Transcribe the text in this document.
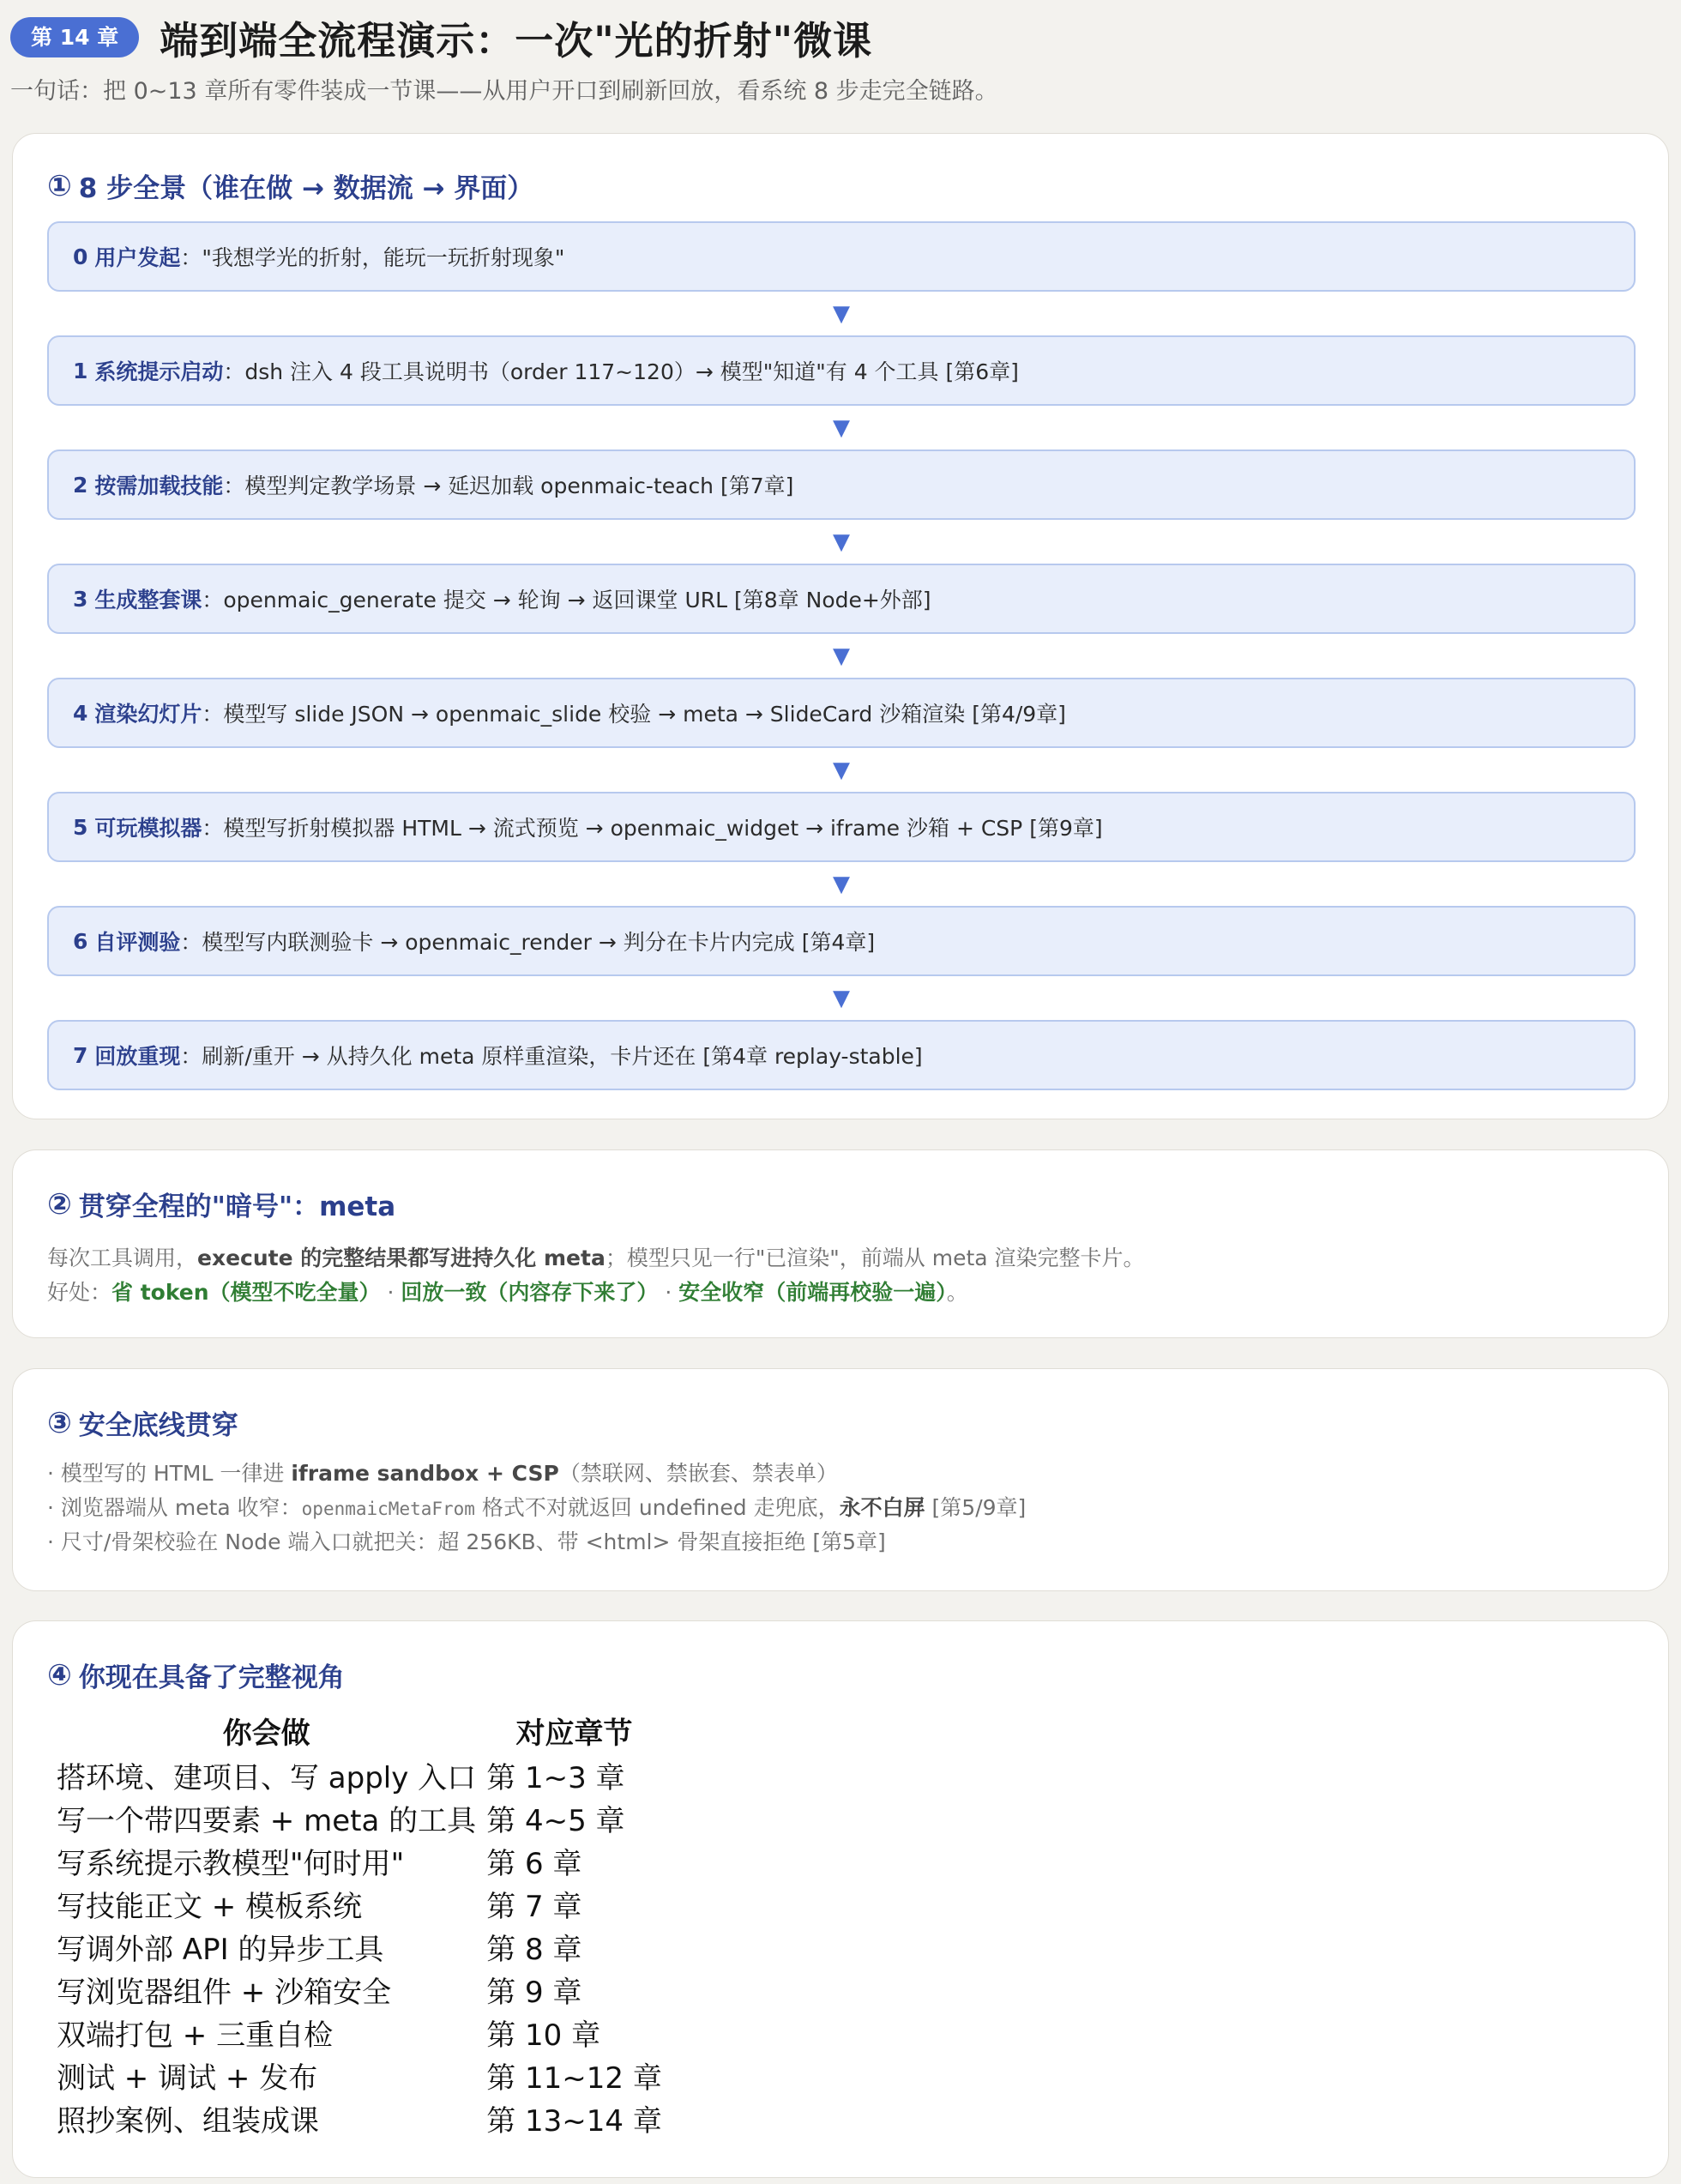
第 14 章	端到端全流程演示：一次"光的折射"微课
一句话：把 0~13 章所有零件装成一节课——从用户开口到刷新回放，看系统 8 步走完全链路。
① 8 步全景（谁在做 → 数据流 → 界面）
0
用户发起 ："我想学光的折射，能玩一玩折射现象"
▼
1
系统提示启动 ：dsh 注入 4 段工具说明书（order 117~120）→ 模型"知道"有 4 个工具 [第6章]
▼
2
按需加载技能 ：模型判定教学场景 → 延迟加载 openmaic-teach [第7章]
▼
3
生成整套课 ：openmaic_generate 提交 → 轮询 → 返回课堂 URL [第8章 Node+外部]
▼
4
渲染幻灯片 ：模型写 slide JSON → openmaic_slide 校验 → meta → SlideCard 沙箱渲染 [第4/9章]
▼
5
可玩模拟器 ：模型写折射模拟器 HTML → 流式预览 → openmaic_widget → iframe 沙箱 + CSP [第9章]
▼
6
自评测验 ：模型写内联测验卡 → openmaic_render → 判分在卡片内完成 [第4章]
▼
7
回放重现 ：刷新/重开 → 从持久化 meta 原样重渲染，卡片还在 [第4章 replay-stable]
② 贯穿全程的"暗号"：meta
每次工具调用，execute 的完整结果都写进持久化 meta；模型只见一行"已渲染"，前端从 meta 渲染完整卡片。
好处：省 token（模型不吃全量） · 回放一致（内容存下来了） · 安全收窄（前端再校验一遍）。
③ 安全底线贯穿
· 模型写的 HTML 一律进 iframe sandbox + CSP（禁联网、禁嵌套、禁表单）
· 浏览器端从 meta 收窄：openmaicMetaFrom 格式不对就返回 undefined 走兜底，永不白屏 [第5/9章]
· 尺寸/骨架校验在 Node 端入口就把关：超 256KB、带 <html> 骨架直接拒绝 [第5章]
④ 你现在具备了完整视角
你会做	对应章节
搭环境、建项目、写 apply 入口	第 1~3 章
写一个带四要素 + meta 的工具	第 4~5 章
写系统提示教模型"何时用"	第 6 章
写技能正文 + 模板系统	第 7 章
写调外部 API 的异步工具	第 8 章
写浏览器组件 + 沙箱安全	第 9 章
双端打包 + 三重自检	第 10 章
测试 + 调试 + 发布	第 11~12 章
照抄案例、组装成课	第 13~14 章
